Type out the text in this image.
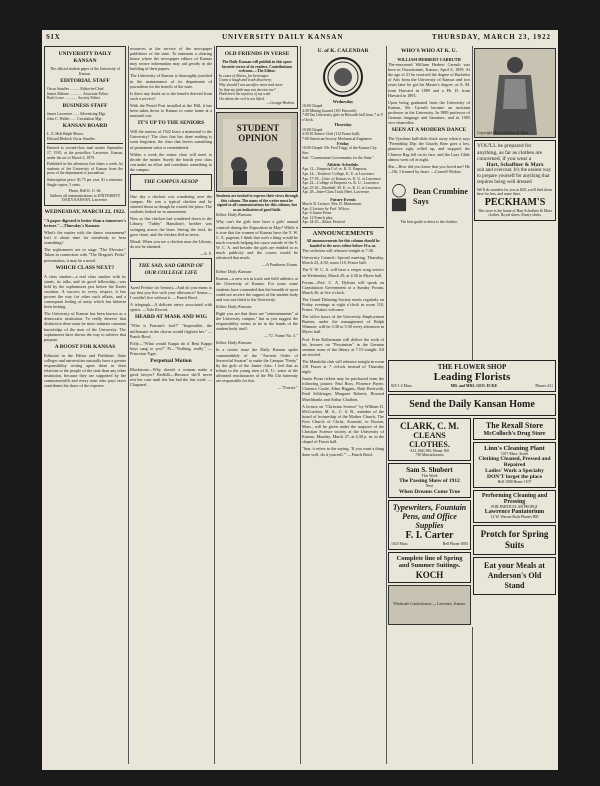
SIX	UNIVERSITY DAILY KANSAN	THURSDAY, MARCH 23, 1922
UNIVERSITY DAILY KANSAN
The official student paper of the University of Kansas.
EDITORIAL STAFF
Oscar Stauffer .......... Editor-in-Chief
James Malone ............. Associate Editor
Ruth Lowe ............. Society Editor
BUSINESS STAFF
James Lawrence ...... Advertising Mgr.
John C. Waller ...... Circulation Mgr.
KANSAN BOARD
L. E. Holt Ralph Moore
Edward Hedrick Oscar Stauffer
Entered as second-class mail matter September 17, 1910, at the postoffice, Lawrence, Kansas, under the act of March 3, 1879.
Published in the afternoon five times a week, by students of the University of Kansas from the press of the department of journalism.
Subscription price: $1.75 per year, $1 a semester. Single copies, 5 cents.
Phone, Bell K. U. 66.
Address all communications to UNIVERSITY DAILY KANSAN, Lawrence.
WEDNESDAY, MARCH 22, 1922.
"A paper digested is better than a tomorrow's lecture."—Thursday's Kansan.
What's the matter with the dance tournament? Isn't it about time for somebody to hear something?
The sophomores are to stage "The Elevator." Taken in connection with "The Dragon's Pecks" presentation, it may be a novel.
WHICH CLASS NEXT?
A class smoker—a real class smoker with its stunts, its talks, and its good fellowship—was held by the sophomores just before the Easter vacation. A success in every respect, it has proven the way for other such affairs, and a consequent feeling of unity which has hitherto been lacking.
The University of Kansas has been known as a democratic institution. To really deserve that distinction there must be more intimate common knowledge of the men of the University. The sophomores have shown the way to achieve that purpose.
A BOOST FOR KANSAS
Editorial in the Editor and Publisher. State colleges and universities naturally have a greater responsibility resting upon them in their relations to the people of the state than any other institution, because they are supported by the commonwealth and every man who pays taxes contributes his share of the expense.
resources at the service of the newspaper publishers of the state. To maintain a clearing house where the newspaper editors of Kansas may secure information may aid greatly in the building of their papers.
The University of Kansas is thoroughly justified in the maintenance of its department of journalism for the benefit of the state.
Is there any doubt as to the benefit derived from such a service?
With the Pencil Post installed at the Hill, it has been taken down to Kansas to come home at a nominal cost.
IT'S UP TO THE SENIORS
Will the seniors of 1922 leave a memorial to the University? The class that has done nothing is soon forgotten; the class that leaves something of permanent value is remembered.
Within a week the senior class will meet to decide the matter. Surely the fourth year class can make an effort and contribute something to the campus.
THE CAMPUS AESOP
One day a chicken was wandering over the campus. He was a typical chicken and he strutted about as though he owned the place. The students looked on in amazement.
Now as this chicken had wandered down to the Library, "Tubby" Hamilton's brother was swinging across the lawn. Seeing the fowl, he gave chase, and the chicken fled in terror.
Moral: When you see a chicken near the Library, do not be alarmed.
—S. Y.
THE SAD, SAD GRIND OF OUR COLLEGE LIFE
Awed Freshie (to Senior)—And do you mean to say that you live with your allowance? Senior—I couldn't live without it. —Punch Bowl.
A telegraph—A delicate artery associated with spirits. —Yale Record.
HEARD AT MASK AND WIG
"Who is Fortune's fool?" "Impossible, the millionaire in the chorus would frighten her." —Punch Bowl.
Polly—"What would Kappa do if Beta Kappa boys sang to you?" Pi—"Nothing, really." —Princeton Tiger.
Perpetual Motion
Blackstone—Why doesn't a woman make a good lawyer? Redfolk—Because she'll never rest her case until she has had the last word. —Chaparral.
OLD FRIENDS IN VERSE
The Daily Kansan will publish in this space favorite verses of its readers. Contributions welcome.—The Editor.
In cases of illness, for beverages
Grant a laugh and truth discovery;
Why should I not sacrifice more and more
So that my faith may not deceive me?
Hath been the mystery of my wish
On whom the veil is not lifted.
—George Herbert.
STUDENT OPINION
Students are invited to express their views through this column. The name of the writer must be signed to all communications for this column, but as an indication of good faith.
Editor Daily Kansan:
Why can't the girls here have a girls' annual carnival during the Exposition in May? While it is true that the women of Kansas have the Y. W. C. A. pageant, I think that such a thing would be much towards helping the cause outside of the Y. W. C. A. and besides the girls are entitled to as much publicity and the course would be advanced that much.
—A Pantheon Unum.
Editor Daily Kansan:
Kansas—a new era in track and field athletics at the University of Kansas. For years some students have contended that the breadth of sport could not receive the support of the student body and was not fitted to the University.
Editor Daily Kansan:
Right you are that there are "entertainments" at the University campus," but as you suggest the responsibility seems to be in the hands of the student body itself.
—"U. Name No. 5."
Editor Daily Kansan:
In a recent issue the Daily Kansan spoke commendably of the "Ancient Order of Sorrowful Swains" to make the Campus "Pretty" by the girls of the Junior class. I feel that as tribute to the young men of K. U., some of the affronted reactionaries of the Phi Chi fraternity are responsible for this.
—"Forrest."
U. of K. CALENDAR
Wednesday
10:00 Chapel.
4:30 Mining Journal (101 Haworth).
7:00 Tau University girls in Haworth hall from 7 to 9 o'clock.
Thursday
10:00 Chapel.
4:30 El Ateneo Club (114 Fraser hall).
7:00 American Society Mechanical Engineers.
Friday
10:00 Chapel: Mr. Fred Trigg, of the Kansas City Star.
Sub: "Communion Governments for the State."
Athletic Schedule.
Apr. 12—Emporia Col. vs. K. U. Emporia.
Apr. 14—Teachers' College, K. U. at Lawrence.
Apr. 17-18—Univ. of Kansas vs. K. U. at Lawrence.
Apr. 22—College of Emporia vs. K. U., Lawrence.
Apr. 25-26—Baseball: M. U. vs. K. U. at Lawrence.
Apr. 28—Inter-Class Track Meet, Lawrence.
Future Events
March 31 Lecture: Mrs. D. Masterman.
Apr. 4 Lecture by Prof. Wilcox.
Apr. 6 Junior Prom.
Apr. 12 French play.
Apr. 24-25—Music Festival.
ANNOUNCEMENTS
All announcements for this column should be handed to the news editor before 10 a. m.
The orchestra will rehearse tonight at 7:30.
University Council: Special meeting, Thursday, March 23, 4:30, room 110, Fraser hall.
The Y. W. C. A. will have a vesper song service on Wednesday, March 29, at 4:30 in Myers hall.
Forum—Prof. C. A. Dykstra will speak on Constitution Government at a Sunday Forum, March 26, at five o'clock.
The Grand Debating Society meets regularly on Friday evenings at eight o'clock in room 110, Fraser. Visitors welcome.
The office hours of the University Employment Bureau, under the management of Ralph Wimmer, will be 3:30 to 5:30 every afternoon in Myers hall.
Prof. Fritz Kellermann will deliver the sixth of his lectures on "Pessimism" in the German seminar room of the library at 7:15 tonight. All are invited.
The Mandolin club will rehearse tonight in room 118 Fraser at 7 o'clock instead of Thursday night.
Junior Prom tickets may be purchased from the following juniors: Paul Ross, Florence Payne, Clarence Castle, Edna Higgins, Ruth Beckwith, Emil Schleinger, Margaret Roberts, Howard Marchbanks and Arthur Chalfont.
A lecture on "Christian Science" by William D. McCracken, M. A., C. S. B., member of the board of lectureship of the Mother Church, The First Church of Christ, Scientist, in Boston, Mass., will be given under the auspices of the Christian Science society at the University of Kansas, Monday, March 27, at 4:30 p. m. in the chapel of Fraser hall.
"Son, it refers to the saying, 'If you want a thing done well, do it yourself.'" —Punch Bowl.
WHO'S WHO AT K. U.
WILLIAM HERBERT CARRUTH
The-renowned William Herbert Carruth was born in Osawatomie, Kansas, April 6, 1859. At the age of 21 he received the degree of Bachelor of Arts from the University of Kansas and two years later he got his Master's degree, as A. M. from Harvard in 1889 and a Ph. D. from Harvard in 1893.
Upon being graduated from the University of Kansas, Mr. Carruth became an assistant professor in the University. In 1889 professor of German language and literature, and in 1905 vice-chancellor.
SEEN AT A MODERN DANCE
The Tyrolean ball-slide chick away when it says "Friendship Dip: the Grizzly Bear goes a low, plaintive sigh, rolled up, and stopped; the Chinese Rag fell on its face, and the Lazy Glide almost went off at night.
She—How did you know that you loved me? He—Oh, I learned by heart. —Cornell Widow.
Dean Crumbine Says
The best guide to dress is the clothier.
Copyright Hart Schaffner & Marx
YOU'LL be prepared for anything, as far as clothes are concerned, if you wear a
Hart, Schaffner & Marx
suit and overcoat. It's the easiest way to prepare yourself for anything that requires being well dressed
We'll do wonders for you at $20; you'll find them here for less, and some finer.
PECKHAM'S
This store is the home of Hart Schaffner & Marx clothes. Royal shoes, Emery shirts.
THE FLOWER SHOP
Leading Florists
825 1-2 Mass.	MR. and MRS. GEO. ECKE	Phones 431
Send the Daily Kansan Home
CLARK, C. M.
CLEANS
CLOTHES.
ALL Bell 385, Home 160
730 Massachusetts
Sam S. Shubert
This Week
The Passing Show of 1912
Next
When Dreams Come True
Typewriters, Fountain Pens, and Office Supplies
F. I. Carter
1025 Mass.	Bell Phone 1083
Complete line of Spring and Summer Suitings.
KOCH
Wholesale Confectioners — Lawrence, Kansas.
The Rexall Store
McColloch's Drug Store
Linn's Cleaning Plant
1017 Mass. Street
Clothing Cleaned, Pressed and Repaired
Ladies' Work a Specialty
DON'T forget the place
Bell 1088 Home 1107
Performing Cleaning and Pressing
FOR PARTICULAR PEOPLE
Lawrence Pantatorium
12 W. Warren Both Phones 890
Protch for Spring Suits
Eat your Meals at Anderson's Old Stand
